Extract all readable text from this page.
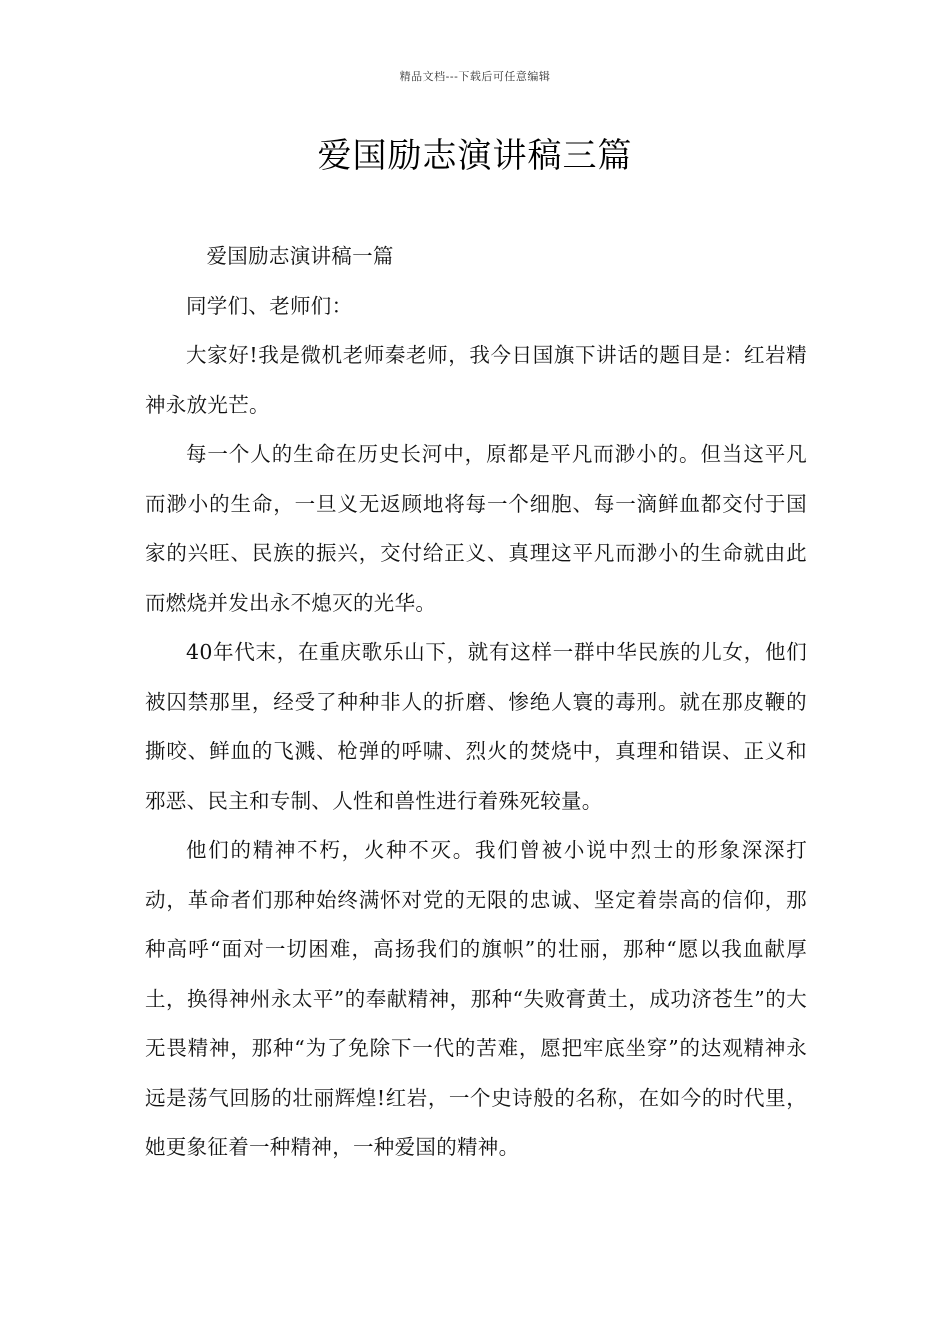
精品文档---下载后可任意编辑
爱国励志演讲稿三篇

爱国励志演讲稿一篇

同学们、老师们：

大家好!我是微机老师秦老师，我今日国旗下讲话的题目是：红岩精神永放光芒。

每一个人的生命在历史长河中，原都是平凡而渺小的。但当这平凡而渺小的生命，一旦义无返顾地将每一个细胞、每一滴鲜血都交付于国家的兴旺、民族的振兴，交付给正义、真理这平凡而渺小的生命就由此而燃烧并发出永不熄灭的光华。

40年代末，在重庆歌乐山下，就有这样一群中华民族的儿女，他们被囚禁那里，经受了种种非人的折磨、惨绝人寰的毒刑。就在那皮鞭的撕咬、鲜血的飞溅、枪弹的呼啸、烈火的焚烧中，真理和错误、正义和邪恶、民主和专制、人性和兽性进行着殊死较量。

他们的精神不朽，火种不灭。我们曾被小说中烈士的形象深深打动，革命者们那种始终满怀对党的无限的忠诚、坚定着崇高的信仰，那种高呼“面对一切困难，高扬我们的旗帜”的壮丽，那种“愿以我血献厚土，换得神州永太平”的奉献精神，那种“失败膏黄土，成功济苍生”的大无畏精神，那种“为了免除下一代的苦难，愿把牢底坐穿”的达观精神永远是荡气回肠的壮丽辉煌!红岩，一个史诗般的名称，在如今的时代里，她更象征着一种精神，一种爱国的精神。
